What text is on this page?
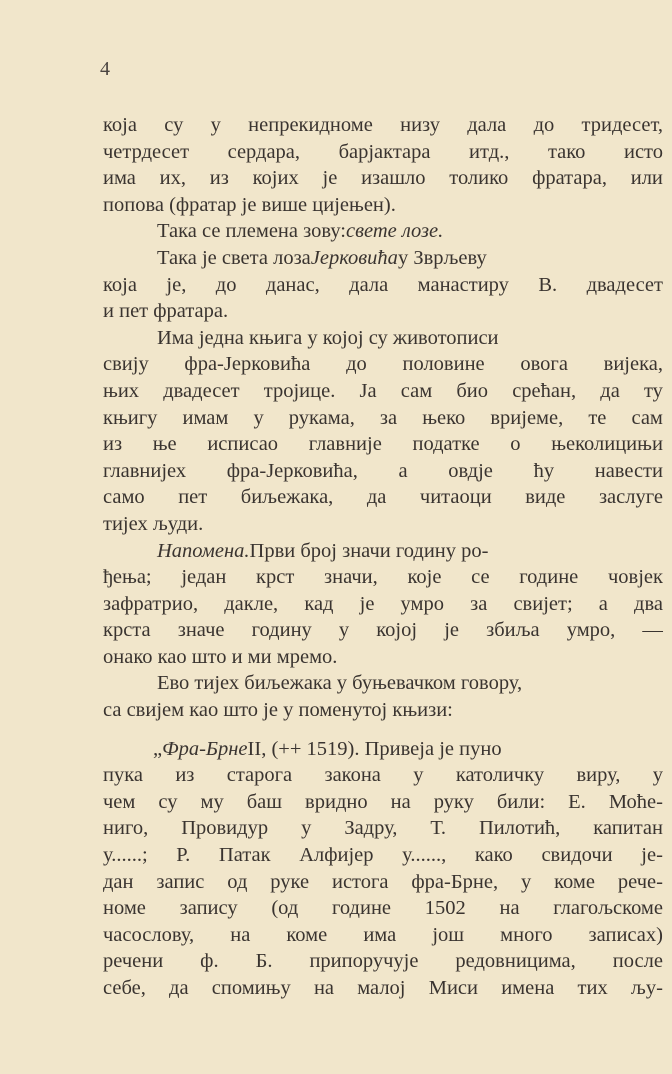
4
која су у непрекидноме низу дала до тридесет,
четрдесет сердара, барјактара итд., тако исто
има их, из којих је изашло толико фратара, или
попова (фратар је више цијењен).
Така се племена зову: свете лозе.
Така је света лоза Јерковића у Зврљеву
која је, до данас, дала манастиру В. двадесет
и пет фратара.
Има једна књига у којој су животописи
свију фра-Јерковића до половине овога вијека,
њих двадесет тројице. Ја сам био срећан, да ту
књигу имам у рукама, за њеко вријеме, те сам
из ње исписао главније податке о њеколицињи
главнијех фра-Јерковића, а овдје ћу навести
само пет биљежака, да читаоци виде заслуге
тијех људи.
Напомена. Први број значи годину ро-
ђења; један крст значи, које се године човјек
зафратрио, дакле, кад је умро за свијет; а два
крста значе годину у којој је збиља умро, —
онако као што и ми мремо.
Ево тијех биљежака у буњевачком говору,
са свијем као што је у поменутој књизи:
„ Фра-Брне II, (++ 1519). Привеја је пуно
пука из старога закона у католичку виру, у
чем су му баш вридно на руку били: Е. Моће-
ниго, Провидур у Задру, Т. Пилотић, капитан
у......; Р. Патак Алфијер у......, како свидочи је-
дан запис од руке истога фра-Брне, у коме рече-
номе запису (од године 1502 на глагољскоме
часослову, на коме има још много записах)
речени ф. Б. припоручује редовницима, после
себе, да спомињу на малој Миси имена тих љу-
